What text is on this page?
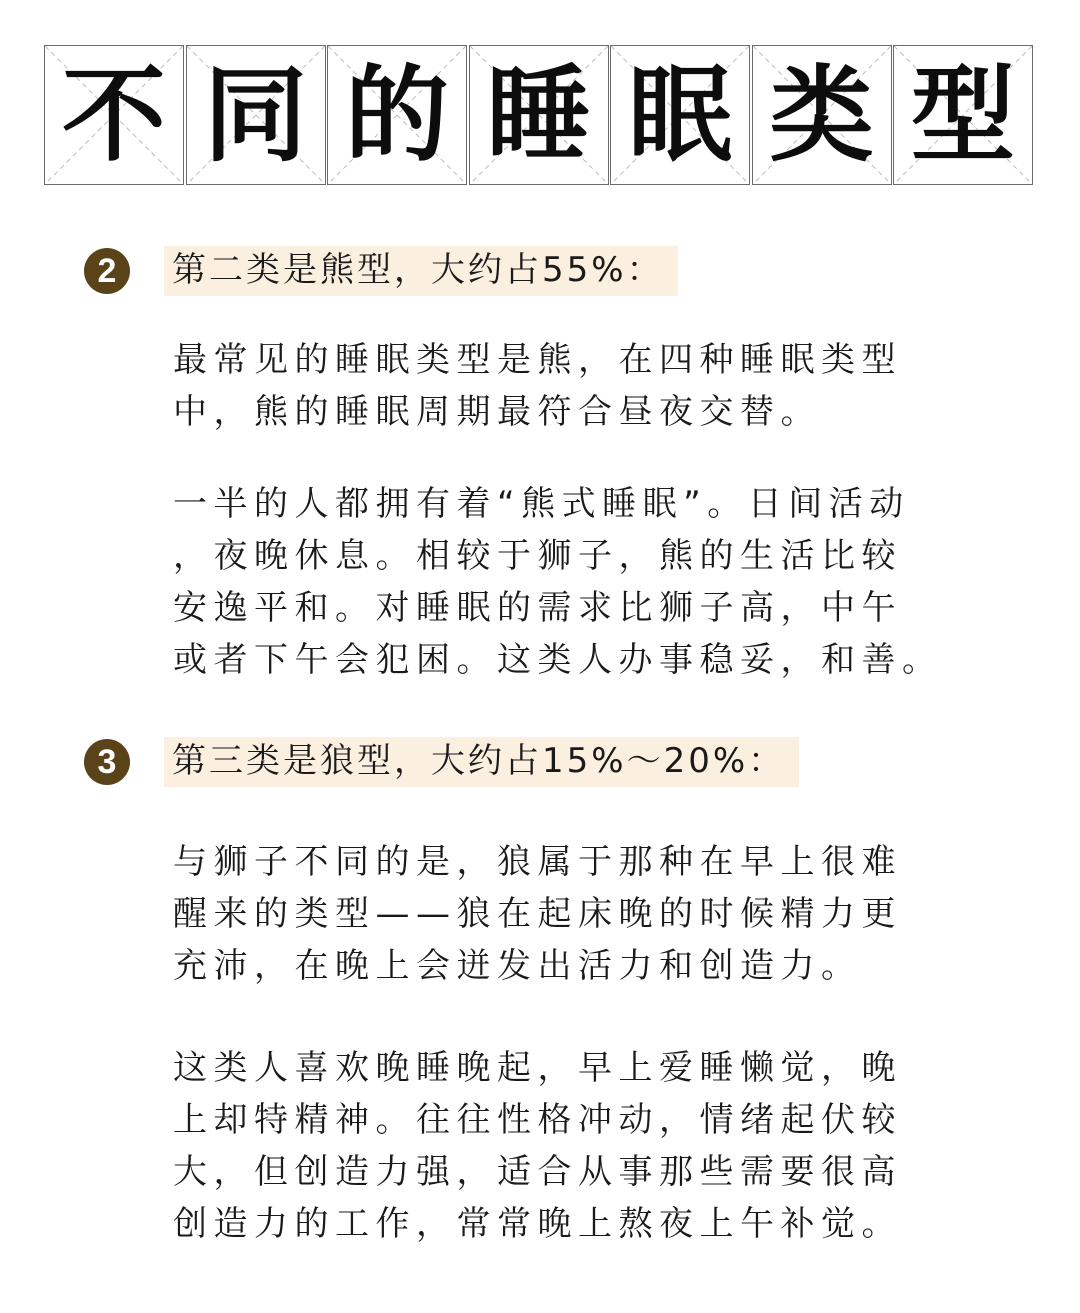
不 同 的 睡 眠 类 型
2	第二类是熊型，大约占55%：

最常见的睡眠类型是熊，在四种睡眠类型
中，熊的睡眠周期最符合昼夜交替。

一半的人都拥有着“熊式睡眠”。日间活动
，夜晚休息。相较于狮子，熊的生活比较
安逸平和。对睡眠的需求比狮子高，中午
或者下午会犯困。这类人办事稳妥，和善。

3	第三类是狼型，大约占15%～20%：

与狮子不同的是，狼属于那种在早上很难
醒来的类型——狼在起床晚的时候精力更
充沛，在晚上会迸发出活力和创造力。

这类人喜欢晚睡晚起，早上爱睡懒觉，晚
上却特精神。往往性格冲动，情绪起伏较
大，但创造力强，适合从事那些需要很高
创造力的工作，常常晚上熬夜上午补觉。
